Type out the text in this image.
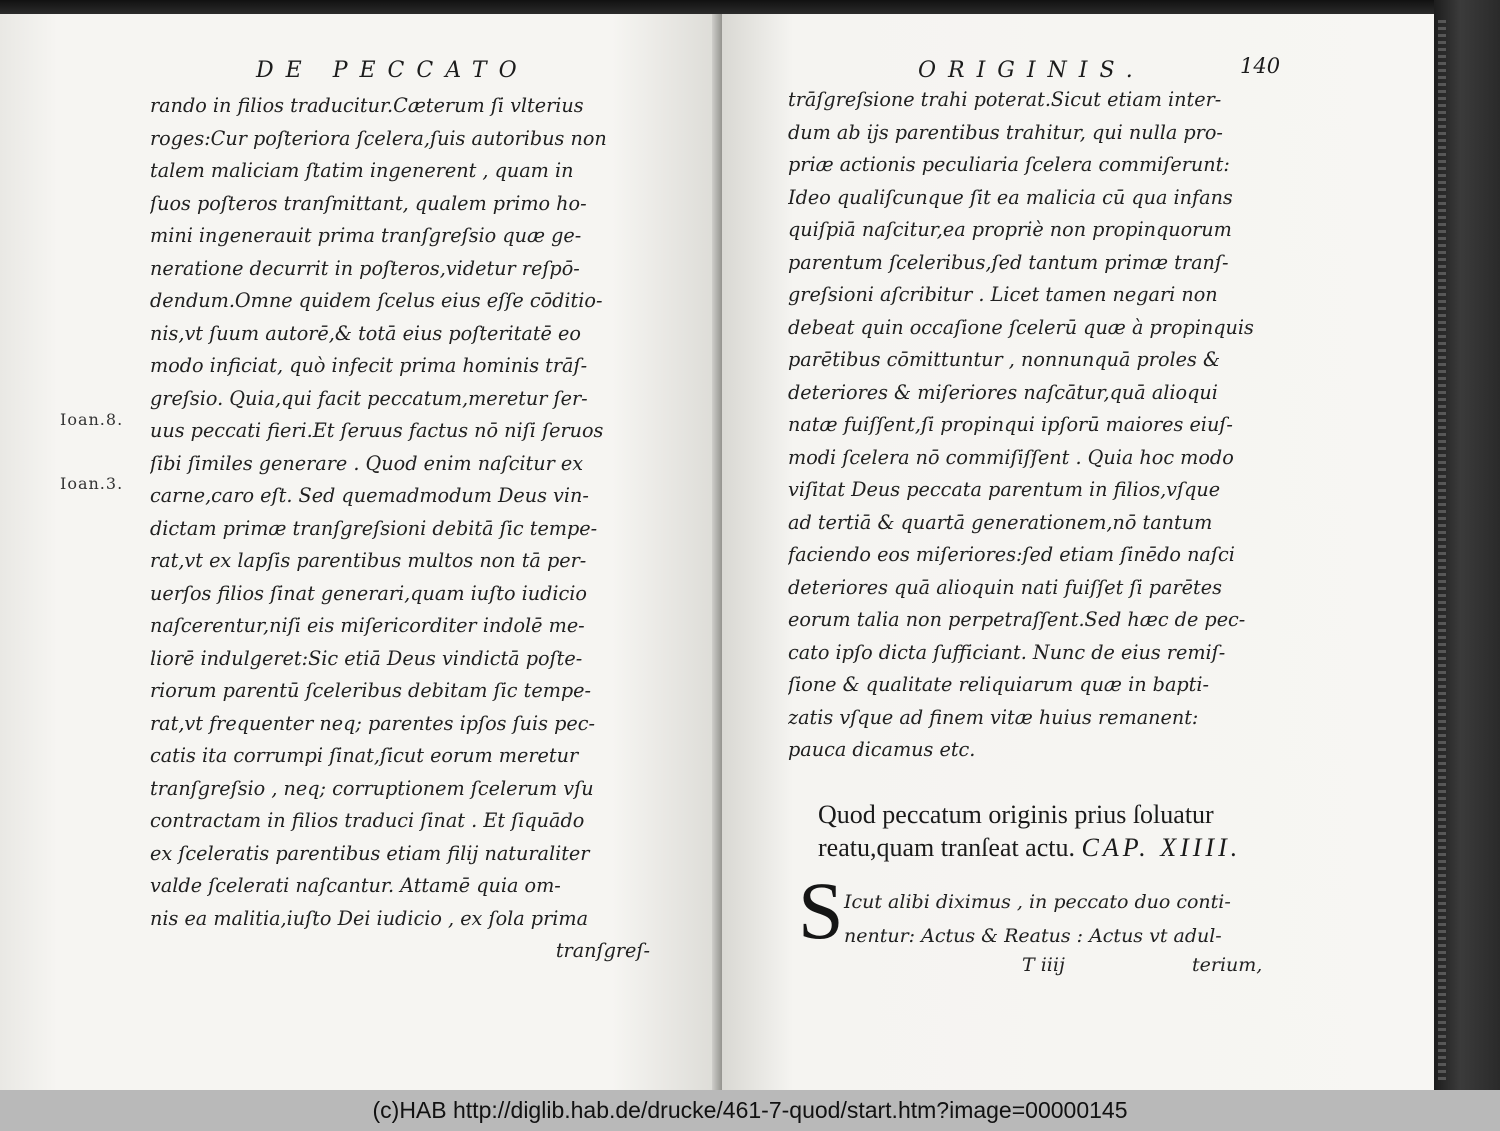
DE PECCATO
rando in filios traducitur.Cæterum ſi vlterius
roges:Cur poſteriora ſcelera,ſuis autoribus non
talem maliciam ſtatim ingenerent , quam in
ſuos poſteros tranſmittant, qualem primo ho-
mini ingenerauit prima tranſgreſsio quæ ge-
neratione decurrit in poſteros,videtur reſpō-
dendum.Omne quidem ſcelus eius eſſe cōditio-
nis,vt ſuum autorē,& totā eius poſteritatē eo
modo inficiat, quò infecit prima hominis trāſ-
greſsio. Quia,qui facit peccatum,meretur ſer-
uus peccati fieri.Et ſeruus factus nō niſi ſeruos
ſibi ſimiles generare . Quod enim naſcitur ex
carne,caro eſt. Sed quemadmodum Deus vin-
dictam primæ tranſgreſsioni debitā ſic tempe-
rat,vt ex lapſis parentibus multos non tā per-
uerſos filios ſinat generari,quam iuſto iudicio
naſcerentur,niſi eis miſericorditer indolē me-
liorē indulgeret:Sic etiā Deus vindictā poſte-
riorum parentū ſceleribus debitam ſic tempe-
rat,vt frequenter neq; parentes ipſos ſuis pec-
catis ita corrumpi ſinat,ſicut eorum meretur
tranſgreſsio , neq; corruptionem ſcelerum vſu
contractam in filios traduci ſinat . Et ſiquādo
ex ſceleratis parentibus etiam filij naturaliter
valde ſcelerati naſcantur. Attamē quia om-
nis ea malitia,iuſto Dei iudicio , ex ſola prima
tranſgreſ-
Ioan.8.
Ioan.3.
ORIGINIS.	140
trāſgreſsione trahi poterat.Sicut etiam inter-
dum ab ijs parentibus trahitur, qui nulla pro-
priæ actionis peculiaria ſcelera commiſerunt:
Ideo qualiſcunque ſit ea malicia cū qua infans
quiſpiā naſcitur,ea propriè non propinquorum
parentum ſceleribus,ſed tantum primæ tranſ-
greſsioni aſcribitur . Licet tamen negari non
debeat quin occaſione ſcelerū quæ à propinquis
parētibus cōmittuntur , nonnunquā proles &
deteriores & miſeriores naſcātur,quā alioqui
natæ fuiſſent,ſi propinqui ipſorū maiores eiuſ-
modi ſcelera nō commiſiſſent . Quia hoc modo
viſitat Deus peccata parentum in filios,vſque
ad tertiā & quartā generationem,nō tantum
faciendo eos miſeriores:ſed etiam ſinēdo naſci
deteriores quā alioquin nati fuiſſet ſi parētes
eorum talia non perpetraſſent.Sed hæc de pec-
cato ipſo dicta ſufficiant. Nunc de eius remiſ-
ſione & qualitate reliquiarum quæ in bapti-
zatis vſque ad finem vitæ huius remanent:
pauca dicamus etc.
Quod peccatum originis prius ſoluatur
reatu,quam tranſeat actu. CAP. XIIII.
S Icut alibi diximus , in peccato duo conti-
nentur: Actus & Reatus : Actus vt adul-
T iiij	terium,
(c)HAB http://diglib.hab.de/drucke/461-7-quod/start.htm?image=00000145
